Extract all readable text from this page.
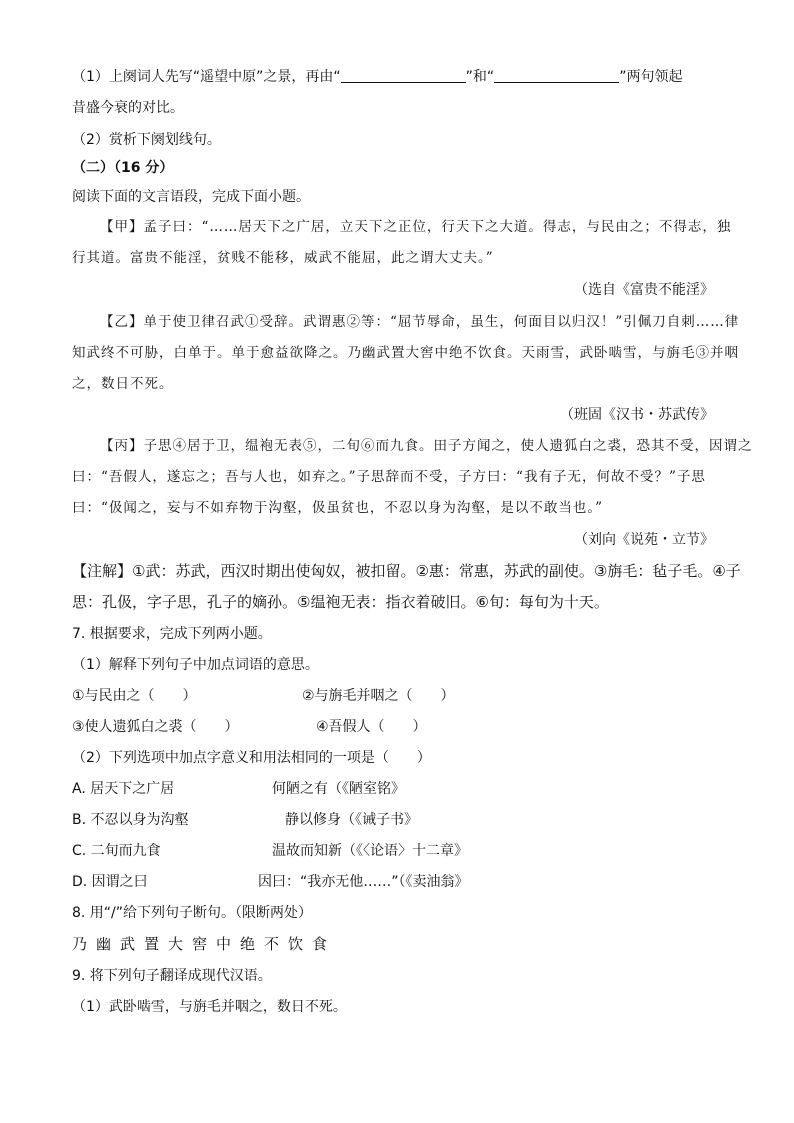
（1）上阕词人先写“遥望中原”之景，再由“	”和“	”两句领起
昔盛今衰的对比。
（2）赏析下阕划线句。
（二）（16 分）
阅读下面的文言语段，完成下面小题。
【甲】孟子曰：“……居天下之广居，立天下之正位，行天下之大道。得志，与民由之；不得志，独
行其道。富贵不能淫，贫贱不能移，威武不能屈，此之谓大丈夫。”
（选自《富贵不能淫》
【乙】单于使卫律召武①受辞。武谓惠②等：“屈节辱命，虽生，何面目以归汉！”引佩刀自刺……律
知武终不可胁，白单于。单于愈益欲降之。乃幽武置大窖中绝不饮食。天雨雪，武卧啮雪，与旃毛③并咽
之，数日不死。
（班固《汉书・苏武传》
【丙】子思④居于卫，缊袍无表⑤，二旬⑥而九食。田子方闻之，使人遗狐白之裘，恐其不受，因谓之
曰：“吾假人，遂忘之；吾与人也，如弃之。”子思辞而不受，子方曰：“我有子无，何故不受？”子思
曰：“伋闻之，妄与不如弃物于沟壑，伋虽贫也，不忍以身为沟壑，是以不敢当也。”
（刘向《说苑・立节》
【注解】①武：苏武，西汉时期出使匈奴，被扣留。②惠：常惠，苏武的副使。③旃毛：毡子毛。④子
思：孔伋，字子思，孔子的嫡孙。⑤缊袍无表：指衣着破旧。⑥旬：每旬为十天。
7. 根据要求，完成下列两小题。
（1）解释下列句子中加点词语的意思。
①与民由之（　　）	②与旃毛并咽之（　　）
③使人遗狐白之裘（　　）	④吾假人（　　）
（2）下列选项中加点字意义和用法相同的一项是（　　）
A. 居天下之广居	何陋之有（《陋室铭》
B. 不忍以身为沟壑	静以修身（《诫子书》
C. 二旬而九食	温故而知新（《〈论语〉十二章》
D. 因谓之曰	因曰：“我亦无他……”（《卖油翁》
8. 用“/”给下列句子断句。（限断两处）
乃幽武置大窖中绝不饮食
9. 将下列句子翻译成现代汉语。
（1）武卧啮雪，与旃毛并咽之，数日不死。
